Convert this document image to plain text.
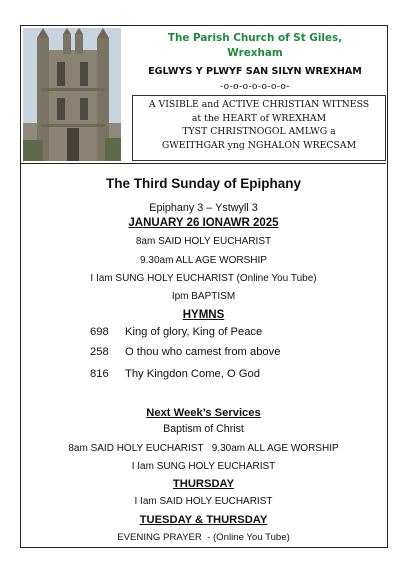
The Parish Church of St Giles,
Wrexham
EGLWYS Y PLWYF SAN SILYN WREXHAM
-o-o-o-o-o-o-o-
A VISIBLE and ACTIVE CHRISTIAN WITNESS
at the HEART of WREXHAM
TYST CHRISTNOGOL AMLWG a
GWEITHGAR yng NGHALON WRECSAM
The Third Sunday of Epiphany
Epiphany 3 – Ystwyll 3
JANUARY 26 IONAWR 2025
8am SAID HOLY EUCHARIST
9.30am ALL AGE WORSHIP
I Iam SUNG HOLY EUCHARIST (Online You Tube)
Ipm BAPTISM
HYMNS
698 King of glory, King of Peace
258 O thou who camest from above
816 Thy Kingdon Come, O God
Next Week’s Services
Baptism of Christ
8am SAID HOLY EUCHARIST   9.30am ALL AGE WORSHIP
I Iam SUNG HOLY EUCHARIST
THURSDAY
I Iam SAID HOLY EUCHARIST
TUESDAY & THURSDAY
EVENING PRAYER  - (Online You Tube)
